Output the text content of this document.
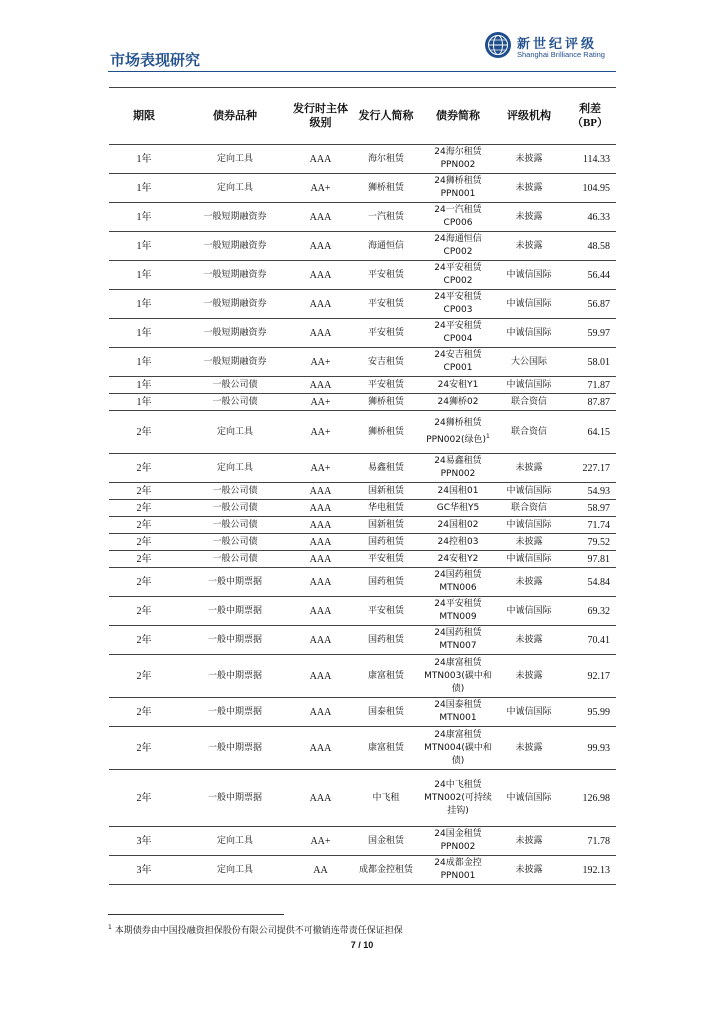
市场表现研究
新世纪评级
Shanghai Brilliance Rating
期限	债券品种	发行时主体级别	发行人简称	债券简称	评级机构	利差（BP）
1年	定向工具	AAA	海尔租赁	24海尔租赁PPN002	未披露	114.33
1年	定向工具	AA+	狮桥租赁	24狮桥租赁PPN001	未披露	104.95
1年	一般短期融资券	AAA	一汽租赁	24一汽租赁CP006	未披露	46.33
1年	一般短期融资券	AAA	海通恒信	24海通恒信CP002	未披露	48.58
1年	一般短期融资券	AAA	平安租赁	24平安租赁CP002	中诚信国际	56.44
1年	一般短期融资券	AAA	平安租赁	24平安租赁CP003	中诚信国际	56.87
1年	一般短期融资券	AAA	平安租赁	24平安租赁CP004	中诚信国际	59.97
1年	一般短期融资券	AA+	安吉租赁	24安吉租赁CP001	大公国际	58.01
1年	一般公司债	AAA	平安租赁	24安租Y1	中诚信国际	71.87
1年	一般公司债	AA+	狮桥租赁	24狮桥02	联合资信	87.87
2年	定向工具	AA+	狮桥租赁	24狮桥租赁PPN002(绿色)$^1$	联合资信	64.15
2年	定向工具	AA+	易鑫租赁	24易鑫租赁PPN002	未披露	227.17
2年	一般公司债	AAA	国新租赁	24国租01	中诚信国际	54.93
2年	一般公司债	AAA	华电租赁	GC华租Y5	联合资信	58.97
2年	一般公司债	AAA	国新租赁	24国租02	中诚信国际	71.74
2年	一般公司债	AAA	国药租赁	24控租03	未披露	79.52
2年	一般公司债	AAA	平安租赁	24安租Y2	中诚信国际	97.81
2年	一般中期票据	AAA	国药租赁	24国药租赁MTN006	未披露	54.84
2年	一般中期票据	AAA	平安租赁	24平安租赁MTN009	中诚信国际	69.32
2年	一般中期票据	AAA	国药租赁	24国药租赁MTN007	未披露	70.41
2年	一般中期票据	AAA	康富租赁	24康富租赁MTN003(碳中和债)	未披露	92.17
2年	一般中期票据	AAA	国泰租赁	24国泰租赁MTN001	中诚信国际	95.99
2年	一般中期票据	AAA	康富租赁	24康富租赁MTN004(碳中和债)	未披露	99.93
2年	一般中期票据	AAA	中飞租	24中飞租赁MTN002(可持续挂钩)	中诚信国际	126.98
3年	定向工具	AA+	国金租赁	24国金租赁PPN002	未披露	71.78
3年	定向工具	AA	成都金控租赁	24成都金控PPN001	未披露	192.13
$^1$ 本期债券由中国投融资担保股份有限公司提供不可撤销连带责任保证担保
7 / 10
